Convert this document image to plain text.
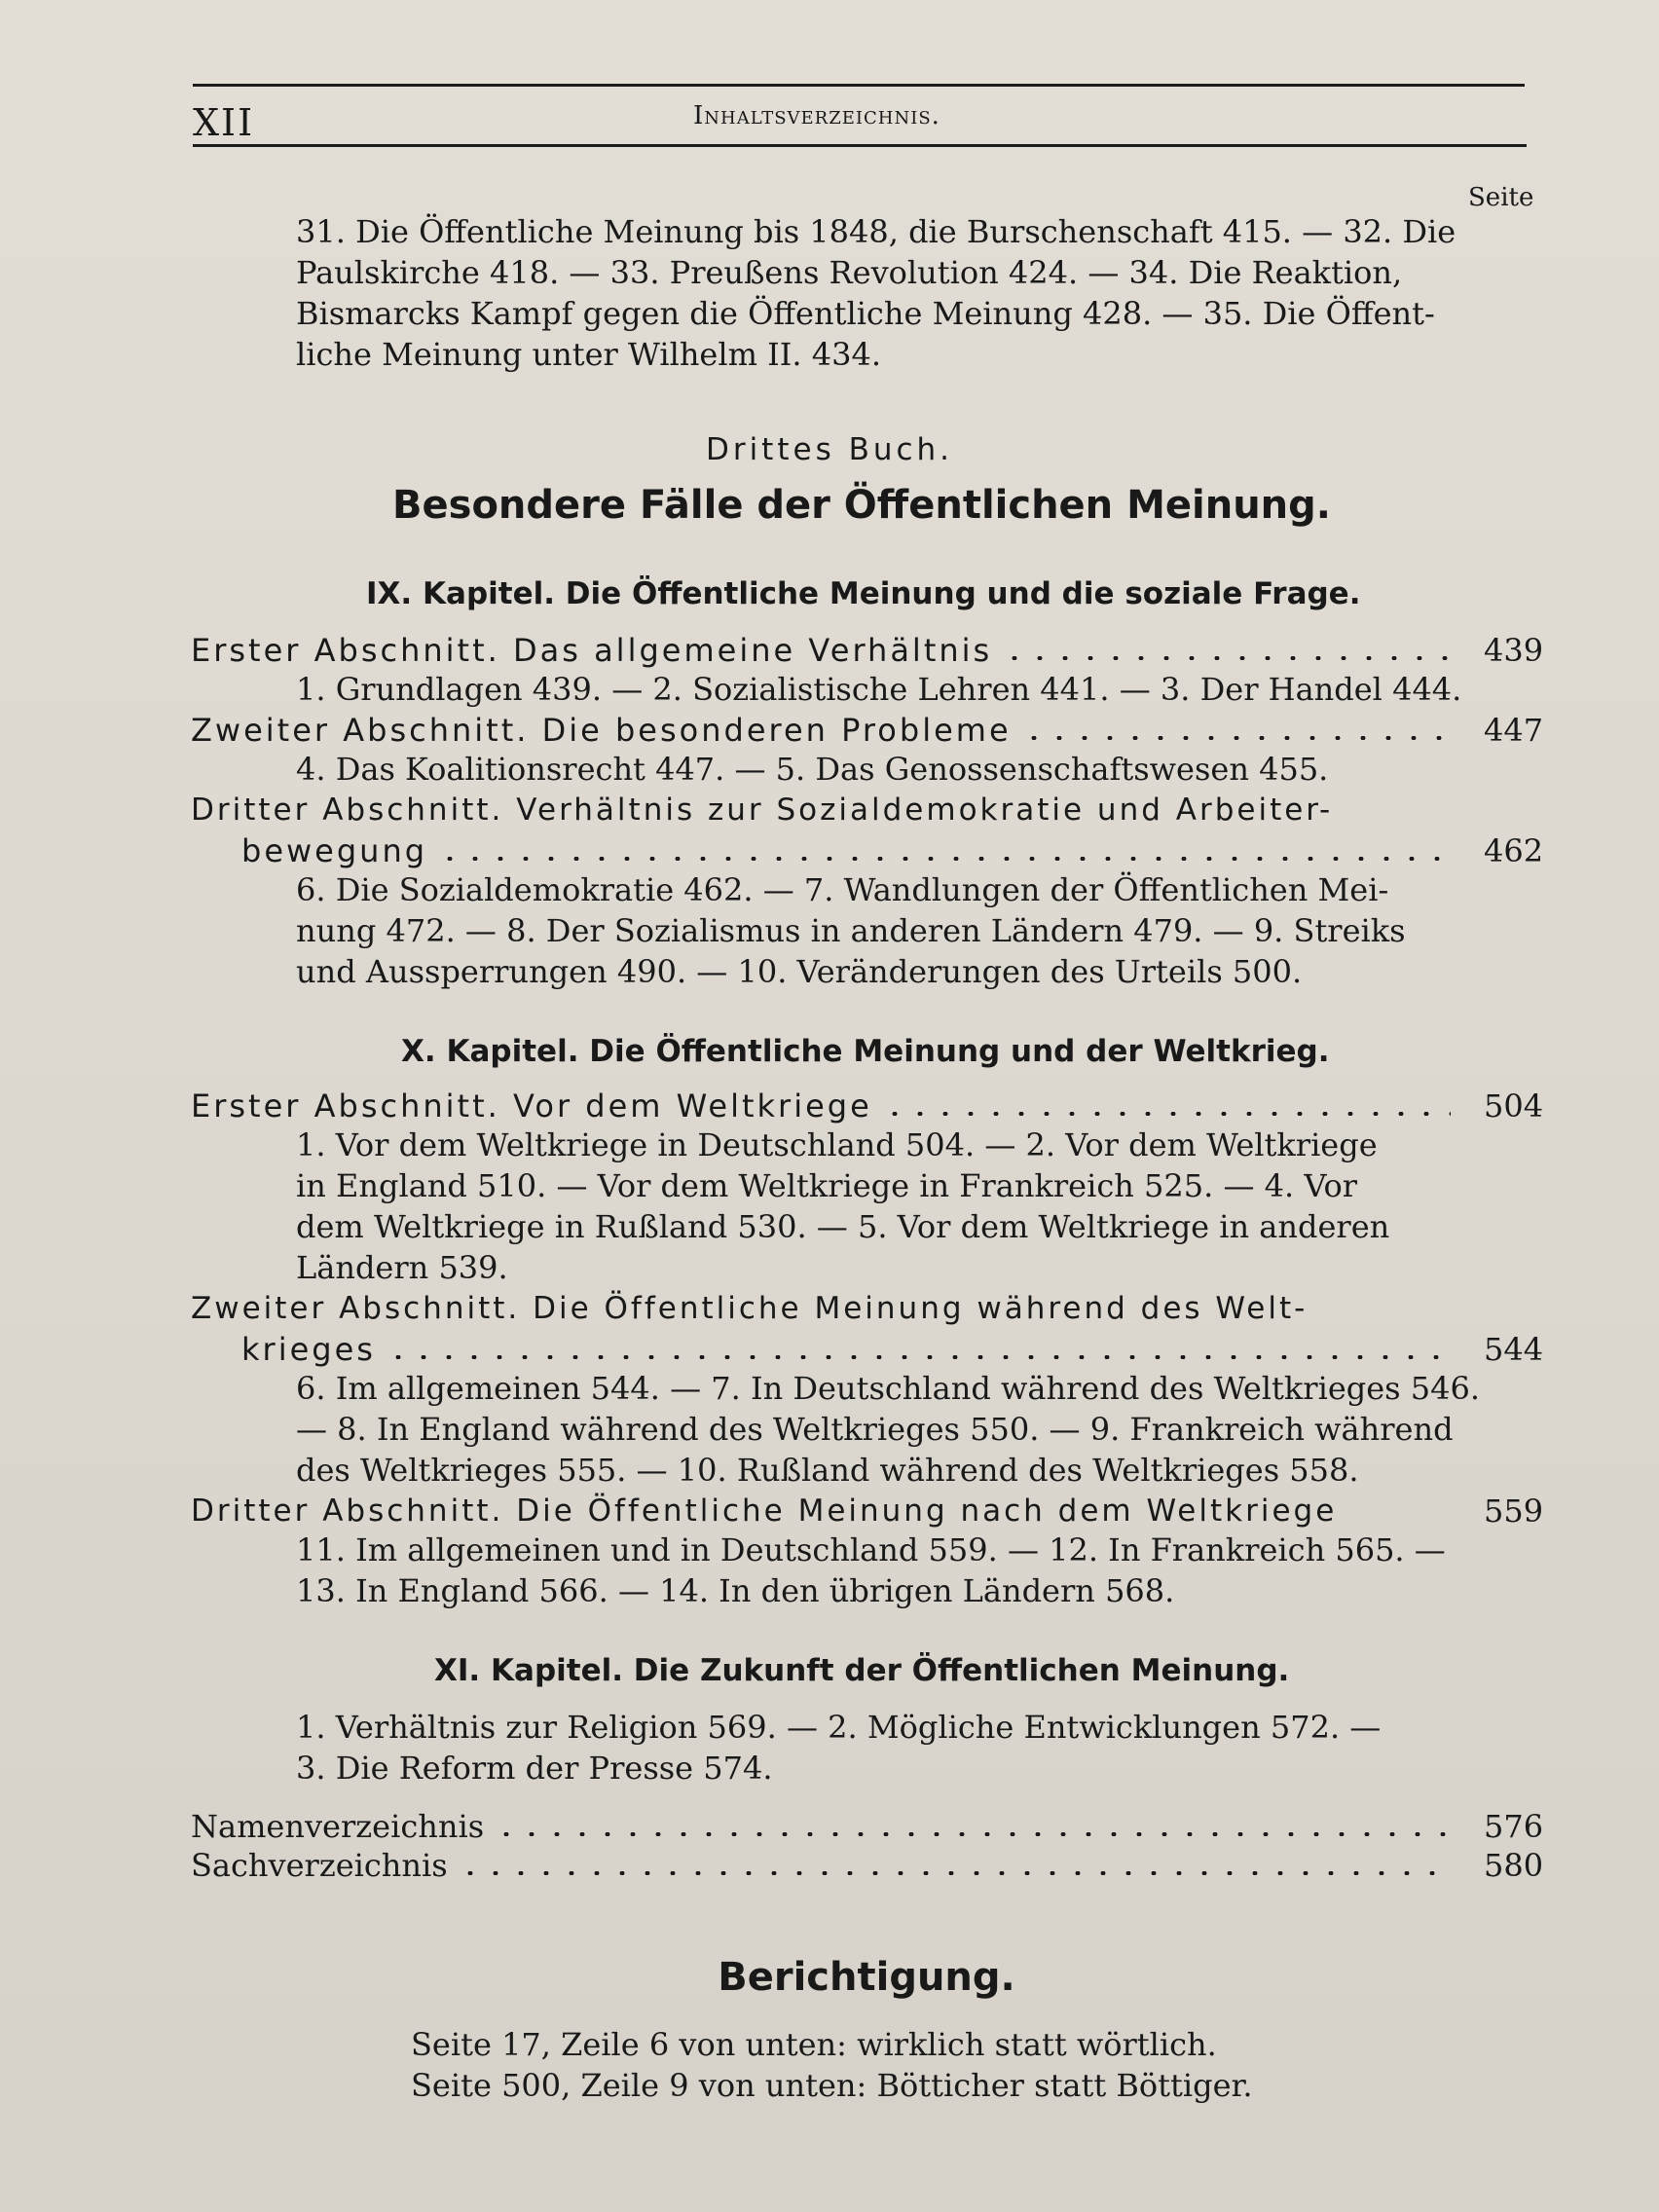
XII	Inhaltsverzeichnis.
Seite
31. Die Öffentliche Meinung bis 1848, die Burschenschaft 415. — 32. Die
Paulskirche 418. — 33. Preußens Revolution 424. — 34. Die Reaktion,
Bismarcks Kampf gegen die Öffentliche Meinung 428. — 35. Die Öffent-
liche Meinung unter Wilhelm II. 434.
Drittes Buch.
Besondere Fälle der Öffentlichen Meinung.
IX. Kapitel. Die Öffentliche Meinung und die soziale Frage.
Erster Abschnitt. Das allgemeine Verhältnis	439
1. Grundlagen 439. — 2. Sozialistische Lehren 441. — 3. Der Handel 444.
Zweiter Abschnitt. Die besonderen Probleme	447
4. Das Koalitionsrecht 447. — 5. Das Genossenschaftswesen 455.
Dritter Abschnitt. Verhältnis zur Sozialdemokratie und Arbeiter-
bewegung	462
6. Die Sozialdemokratie 462. — 7. Wandlungen der Öffentlichen Mei-
nung 472. — 8. Der Sozialismus in anderen Ländern 479. — 9. Streiks
und Aussperrungen 490. — 10. Veränderungen des Urteils 500.
X. Kapitel. Die Öffentliche Meinung und der Weltkrieg.
Erster Abschnitt. Vor dem Weltkriege	504
1. Vor dem Weltkriege in Deutschland 504. — 2. Vor dem Weltkriege
in England 510. — Vor dem Weltkriege in Frankreich 525. — 4. Vor
dem Weltkriege in Rußland 530. — 5. Vor dem Weltkriege in anderen
Ländern 539.
Zweiter Abschnitt. Die Öffentliche Meinung während des Welt-
krieges	544
6. Im allgemeinen 544. — 7. In Deutschland während des Weltkrieges 546.
— 8. In England während des Weltkrieges 550. — 9. Frankreich während
des Weltkrieges 555. — 10. Rußland während des Weltkrieges 558.
Dritter Abschnitt. Die Öffentliche Meinung nach dem Weltkriege	559
11. Im allgemeinen und in Deutschland 559. — 12. In Frankreich 565. —
13. In England 566. — 14. In den übrigen Ländern 568.
XI. Kapitel. Die Zukunft der Öffentlichen Meinung.
1. Verhältnis zur Religion 569. — 2. Mögliche Entwicklungen 572. —
3. Die Reform der Presse 574.
Namenverzeichnis	576
Sachverzeichnis	580
Berichtigung.
Seite 17, Zeile 6 von unten: wirklich statt wörtlich.
Seite 500, Zeile 9 von unten: Bötticher statt Böttiger.
